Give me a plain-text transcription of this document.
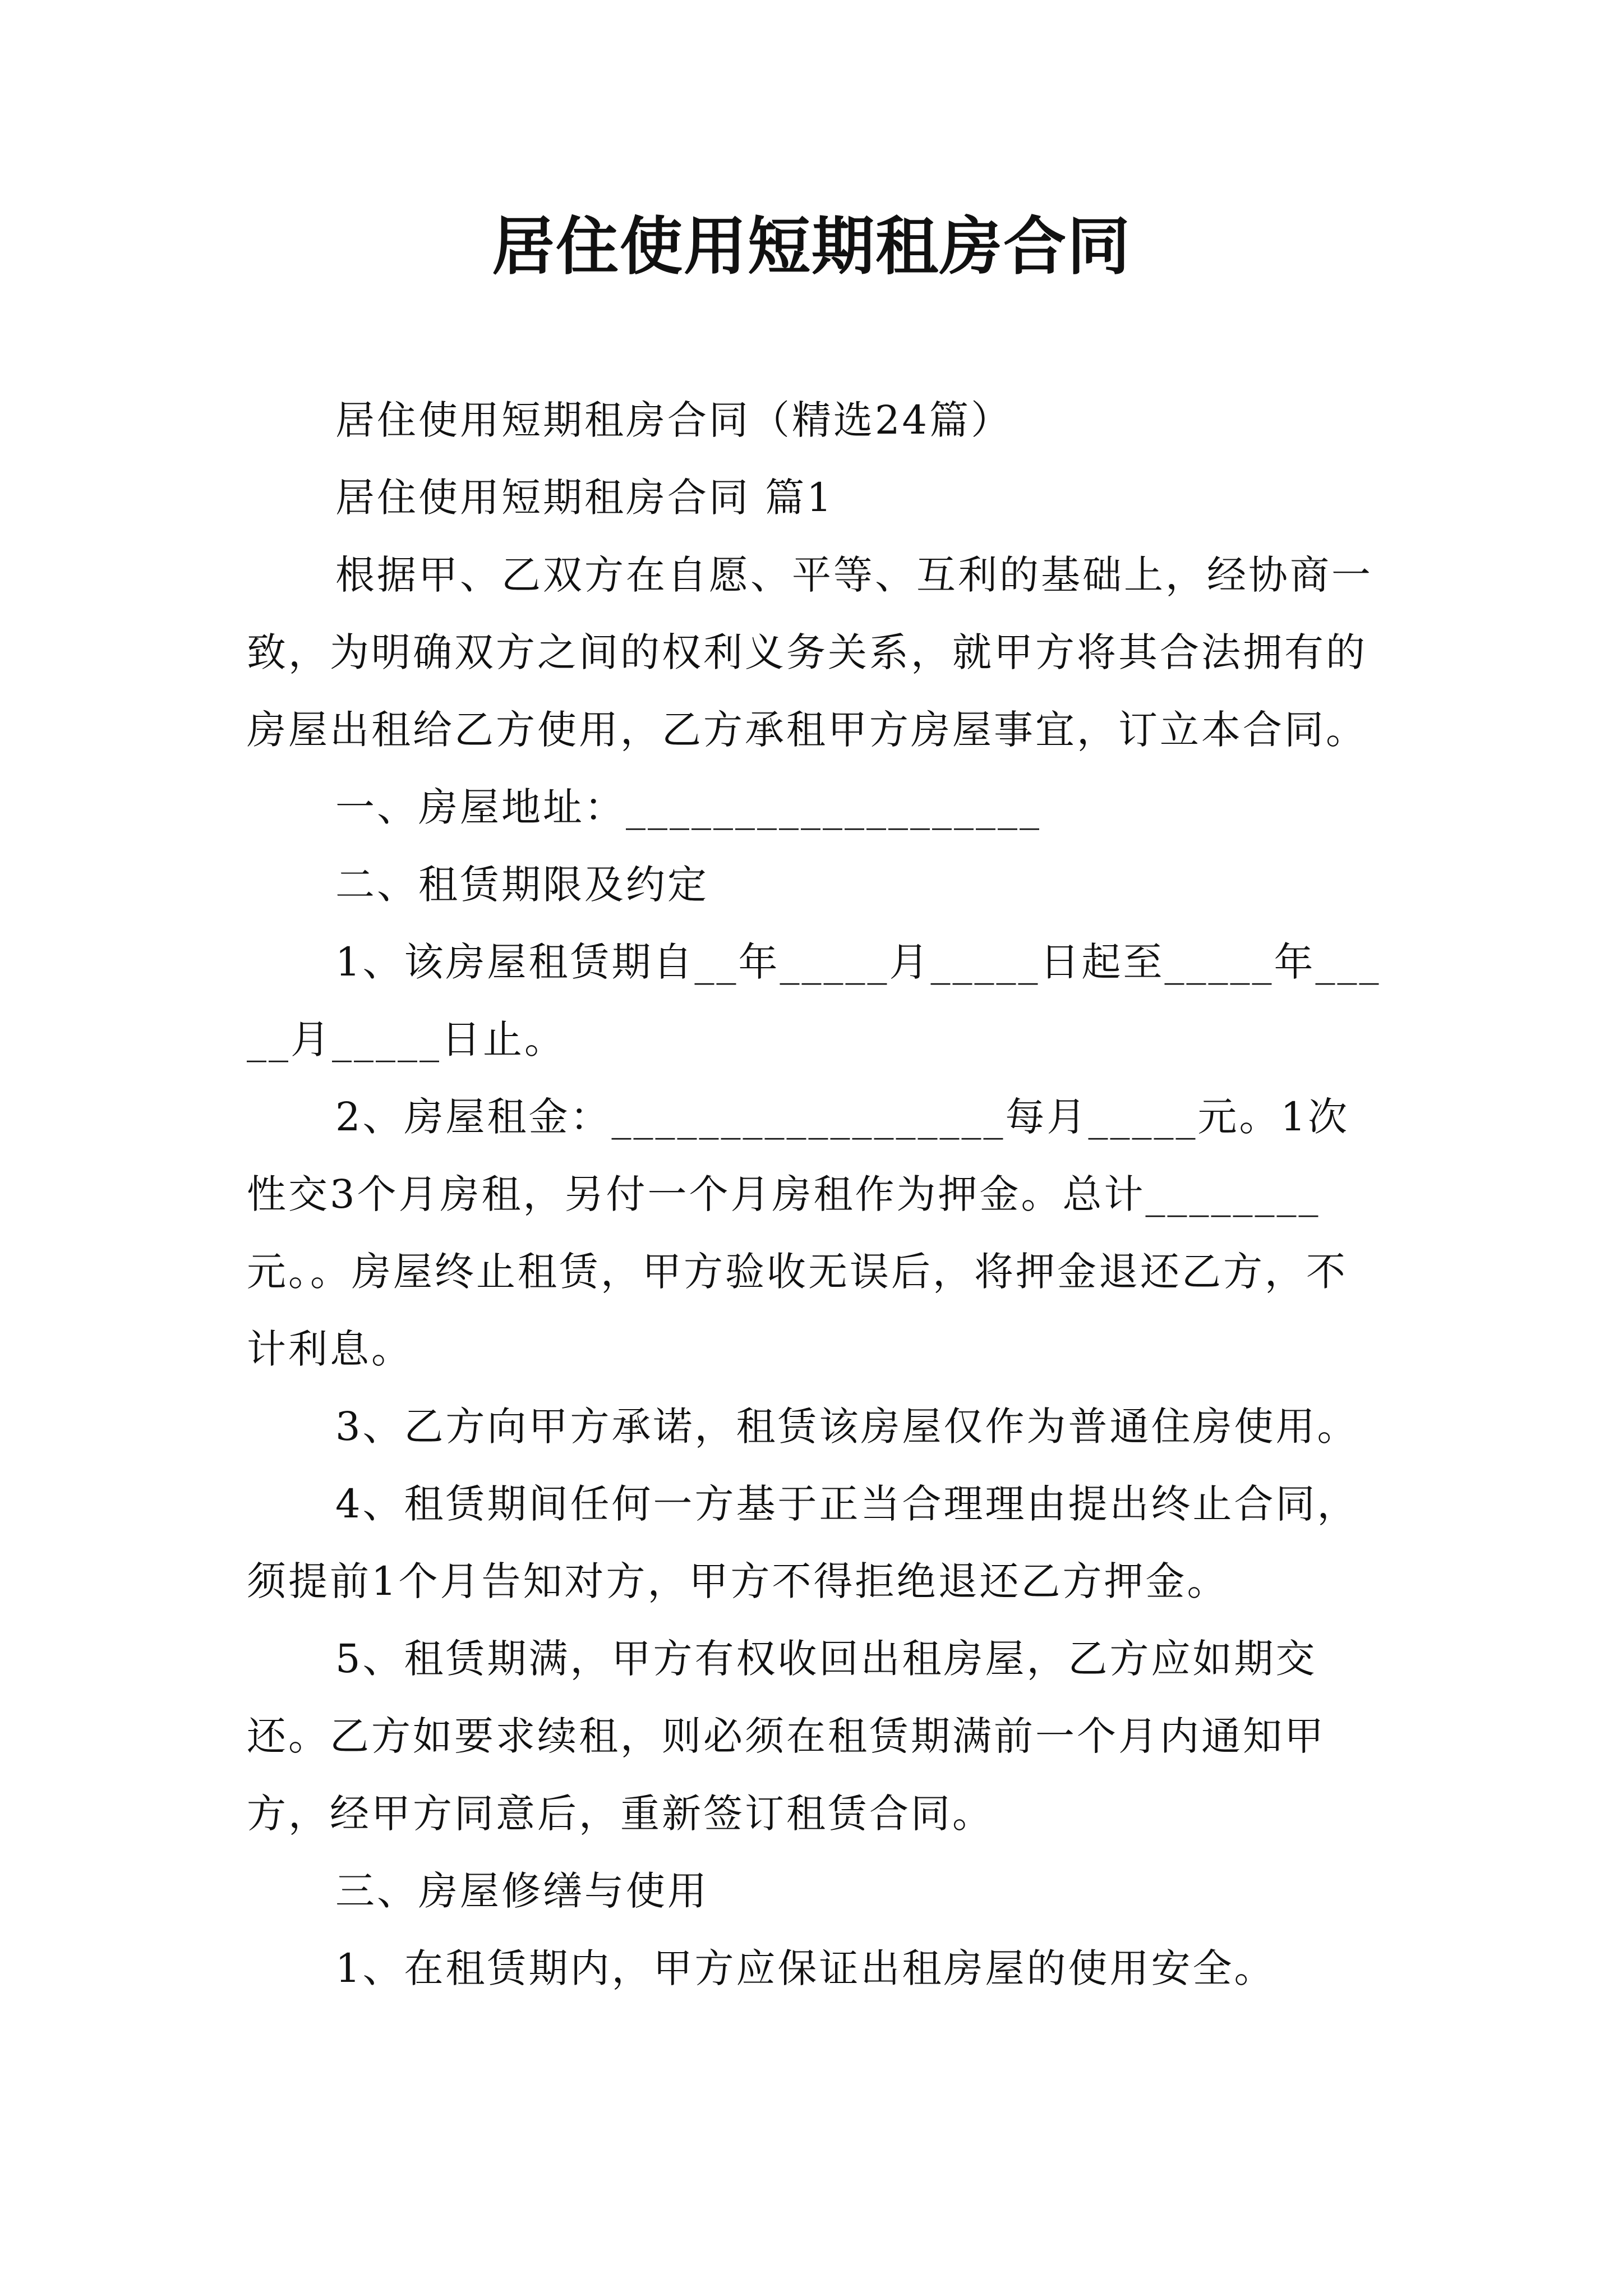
居住使用短期租房合同

居住使用短期租房合同（精选24篇）

居住使用短期租房合同 篇1

根据甲、乙双方在自愿、平等、互利的基础上，经协商一致，为明确双方之间的权利义务关系，就甲方将其合法拥有的房屋出租给乙方使用，乙方承租甲方房屋事宜，订立本合同。

一、房屋地址：___________________

二、租赁期限及约定

1、该房屋租赁期自__年_____月_____日起至_____年_____月_____日止。

2、房屋租金：__________________每月_____元。1次性交3个月房租，另付一个月房租作为押金。总计________元。。房屋终止租赁，甲方验收无误后，将押金退还乙方，不计利息。

3、乙方向甲方承诺，租赁该房屋仅作为普通住房使用。

4、租赁期间任何一方基于正当合理理由提出终止合同，须提前1个月告知对方，甲方不得拒绝退还乙方押金。

5、租赁期满，甲方有权收回出租房屋，乙方应如期交还。乙方如要求续租，则必须在租赁期满前一个月内通知甲方，经甲方同意后，重新签订租赁合同。

三、房屋修缮与使用

1、在租赁期内，甲方应保证出租房屋的使用安全。
